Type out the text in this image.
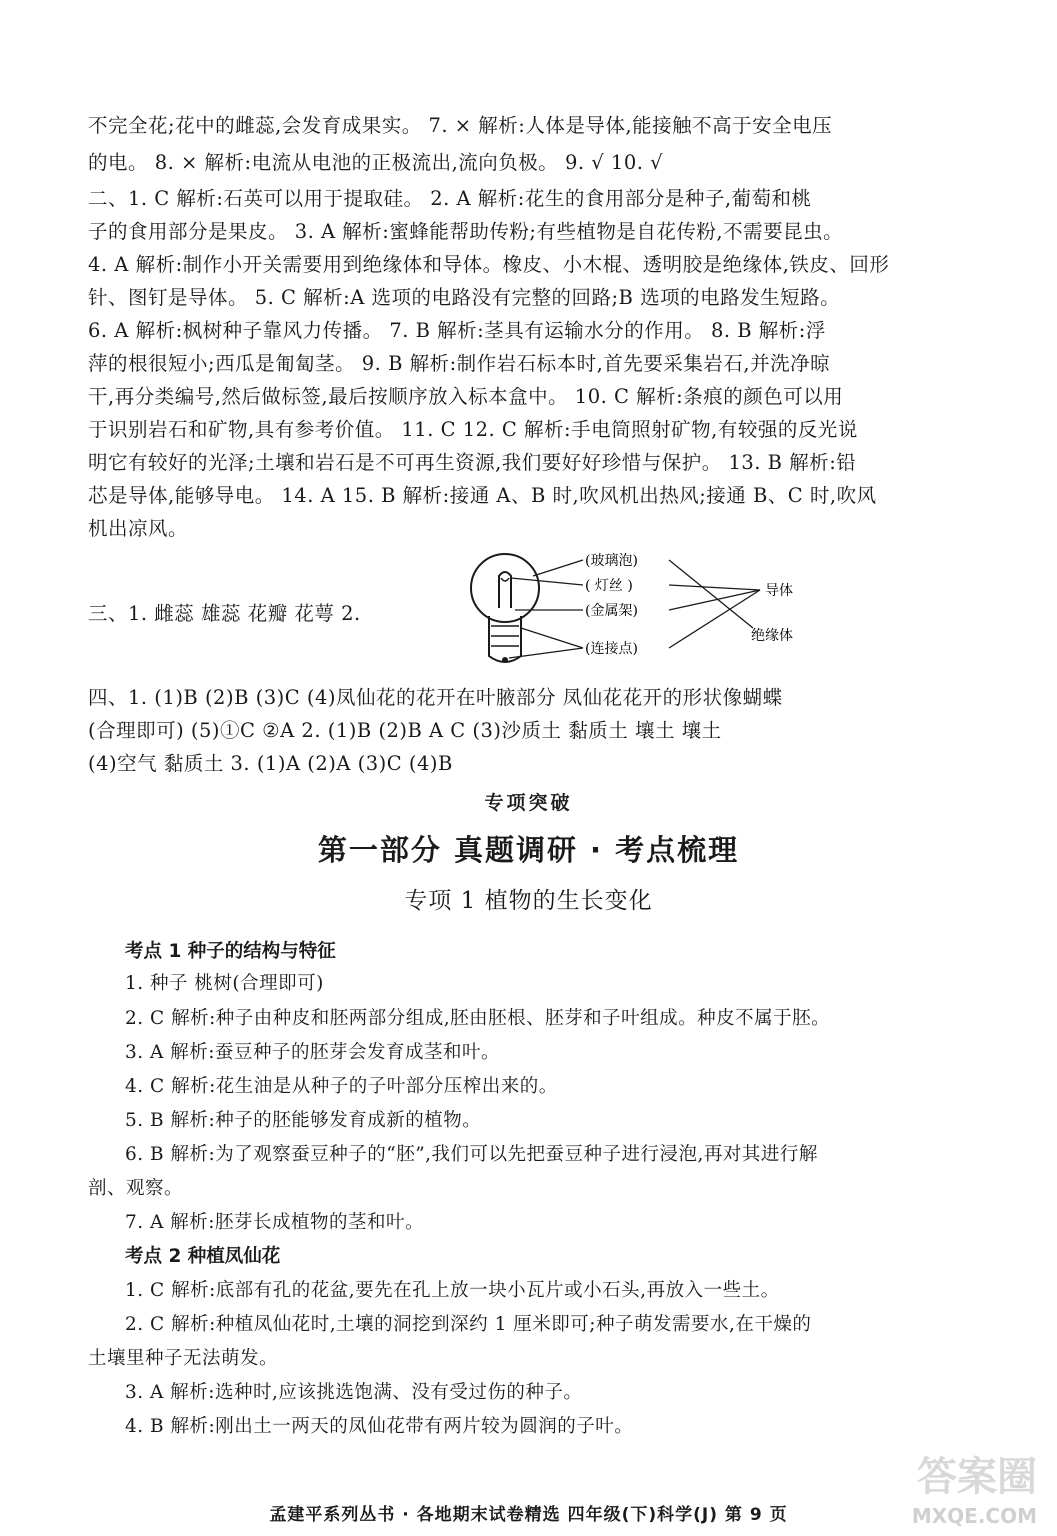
不完全花;花中的雌蕊,会发育成果实。 7. × 解析:人体是导体,能接触不高于安全电压
的电。 8. × 解析:电流从电池的正极流出,流向负极。 9. √ 10. √
二、1. C 解析:石英可以用于提取硅。 2. A 解析:花生的食用部分是种子,葡萄和桃
子的食用部分是果皮。 3. A 解析:蜜蜂能帮助传粉;有些植物是自花传粉,不需要昆虫。
4. A 解析:制作小开关需要用到绝缘体和导体。橡皮、小木棍、透明胶是绝缘体,铁皮、回形
针、图钉是导体。 5. C 解析:A 选项的电路没有完整的回路;B 选项的电路发生短路。
6. A 解析:枫树种子靠风力传播。 7. B 解析:茎具有运输水分的作用。 8. B 解析:浮
萍的根很短小;西瓜是匍匐茎。 9. B 解析:制作岩石标本时,首先要采集岩石,并洗净晾
干,再分类编号,然后做标签,最后按顺序放入标本盒中。 10. C 解析:条痕的颜色可以用
于识别岩石和矿物,具有参考价值。 11. C 12. C 解析:手电筒照射矿物,有较强的反光说
明它有较好的光泽;土壤和岩石是不可再生资源,我们要好好珍惜与保护。 13. B 解析:铅
芯是导体,能够导电。 14. A 15. B 解析:接通 A、B 时,吹风机出热风;接通 B、C 时,吹风
机出凉风。
三、1. 雌蕊 雄蕊 花瓣 花萼 2.
(玻璃泡)
( 灯丝 )
(金属架)
(连接点)
导体
绝缘体
四、1. (1)B (2)B (3)C (4)凤仙花的花开在叶腋部分 凤仙花花开的形状像蝴蝶
(合理即可) (5)①C ②A 2. (1)B (2)B A C (3)沙质土 黏质土 壤土 壤土
(4)空气 黏质土 3. (1)A (2)A (3)C (4)B
专项突破
第一部分 真题调研 · 考点梳理
专项 1 植物的生长变化
考点 1 种子的结构与特征
1. 种子 桃树(合理即可)
2. C 解析:种子由种皮和胚两部分组成,胚由胚根、胚芽和子叶组成。种皮不属于胚。
3. A 解析:蚕豆种子的胚芽会发育成茎和叶。
4. C 解析:花生油是从种子的子叶部分压榨出来的。
5. B 解析:种子的胚能够发育成新的植物。
6. B 解析:为了观察蚕豆种子的“胚”,我们可以先把蚕豆种子进行浸泡,再对其进行解
剖、观察。
7. A 解析:胚芽长成植物的茎和叶。
考点 2 种植凤仙花
1. C 解析:底部有孔的花盆,要先在孔上放一块小瓦片或小石头,再放入一些土。
2. C 解析:种植凤仙花时,土壤的洞挖到深约 1 厘米即可;种子萌发需要水,在干燥的
土壤里种子无法萌发。
3. A 解析:选种时,应该挑选饱满、没有受过伤的种子。
4. B 解析:刚出土一两天的凤仙花带有两片较为圆润的子叶。
孟建平系列丛书 · 各地期末试卷精选 四年级(下)科学(J) 第 9 页
答案圈
MXQE.COM
